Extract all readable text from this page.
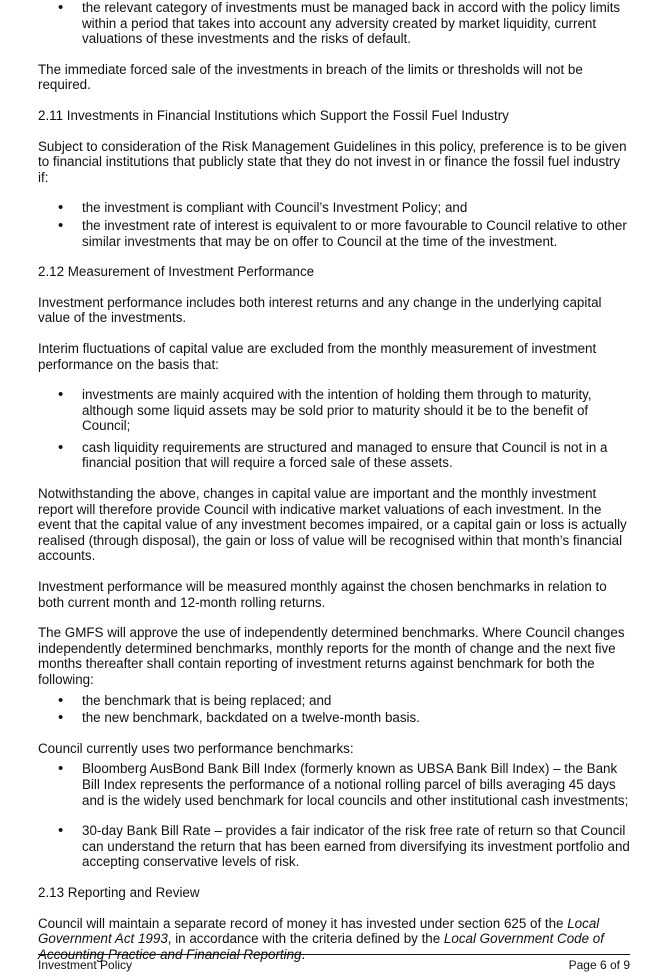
• the relevant category of investments must be managed back in accord with the policy limits within a period that takes into account any adversity created by market liquidity, current valuations of these investments and the risks of default.

The immediate forced sale of the investments in breach of the limits or thresholds will not be required.

2.11 Investments in Financial Institutions which Support the Fossil Fuel Industry

Subject to consideration of the Risk Management Guidelines in this policy, preference is to be given to financial institutions that publicly state that they do not invest in or finance the fossil fuel industry if:

• the investment is compliant with Council’s Investment Policy; and
• the investment rate of interest is equivalent to or more favourable to Council relative to other similar investments that may be on offer to Council at the time of the investment.

2.12 Measurement of Investment Performance

Investment performance includes both interest returns and any change in the underlying capital value of the investments.

Interim fluctuations of capital value are excluded from the monthly measurement of investment performance on the basis that:

• investments are mainly acquired with the intention of holding them through to maturity, although some liquid assets may be sold prior to maturity should it be to the benefit of Council;
• cash liquidity requirements are structured and managed to ensure that Council is not in a financial position that will require a forced sale of these assets.

Notwithstanding the above, changes in capital value are important and the monthly investment report will therefore provide Council with indicative market valuations of each investment. In the event that the capital value of any investment becomes impaired, or a capital gain or loss is actually realised (through disposal), the gain or loss of value will be recognised within that month’s financial accounts.

Investment performance will be measured monthly against the chosen benchmarks in relation to both current month and 12-month rolling returns.

The GMFS will approve the use of independently determined benchmarks. Where Council changes independently determined benchmarks, monthly reports for the month of change and the next five months thereafter shall contain reporting of investment returns against benchmark for both the following:

• the benchmark that is being replaced; and
• the new benchmark, backdated on a twelve-month basis.

Council currently uses two performance benchmarks:

• Bloomberg AusBond Bank Bill Index (formerly known as UBSA Bank Bill Index) – the Bank Bill Index represents the performance of a notional rolling parcel of bills averaging 45 days and is the widely used benchmark for local councils and other institutional cash investments;
• 30-day Bank Bill Rate – provides a fair indicator of the risk free rate of return so that Council can understand the return that has been earned from diversifying its investment portfolio and accepting conservative levels of risk.

2.13 Reporting and Review

Council will maintain a separate record of money it has invested under section 625 of the Local Government Act 1993, in accordance with the criteria defined by the Local Government Code of Accounting Practice and Financial Reporting.

Investment Policy	Page 6 of 9
